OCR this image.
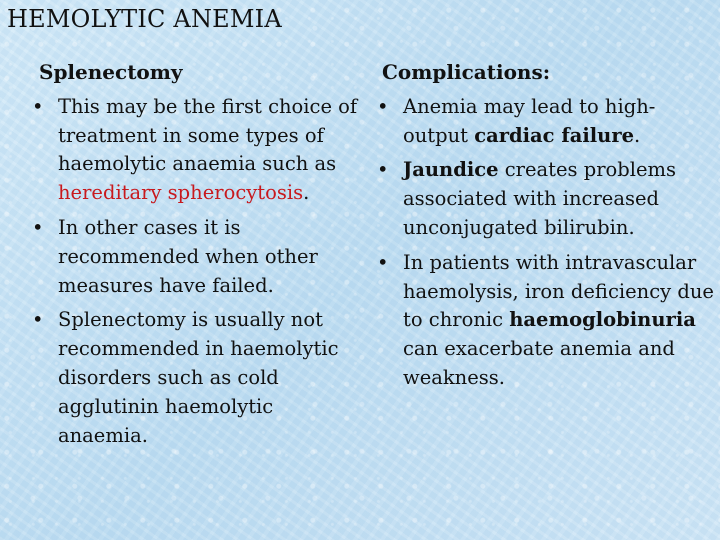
HEMOLYTIC ANEMIA
Splenectomy
• This may be the first choice of treatment in some types of haemolytic anaemia such as hereditary spherocytosis.
• In other cases it is recommended when other measures have failed.
• Splenectomy is usually not recommended in haemolytic disorders such as cold agglutinin haemolytic anaemia.
Complications:
• Anemia may lead to high-output cardiac failure.
• Jaundice creates problems associated with increased unconjugated bilirubin.
• In patients with intravascular haemolysis, iron deficiency due to chronic haemoglobinuria can exacerbate anemia and weakness.
